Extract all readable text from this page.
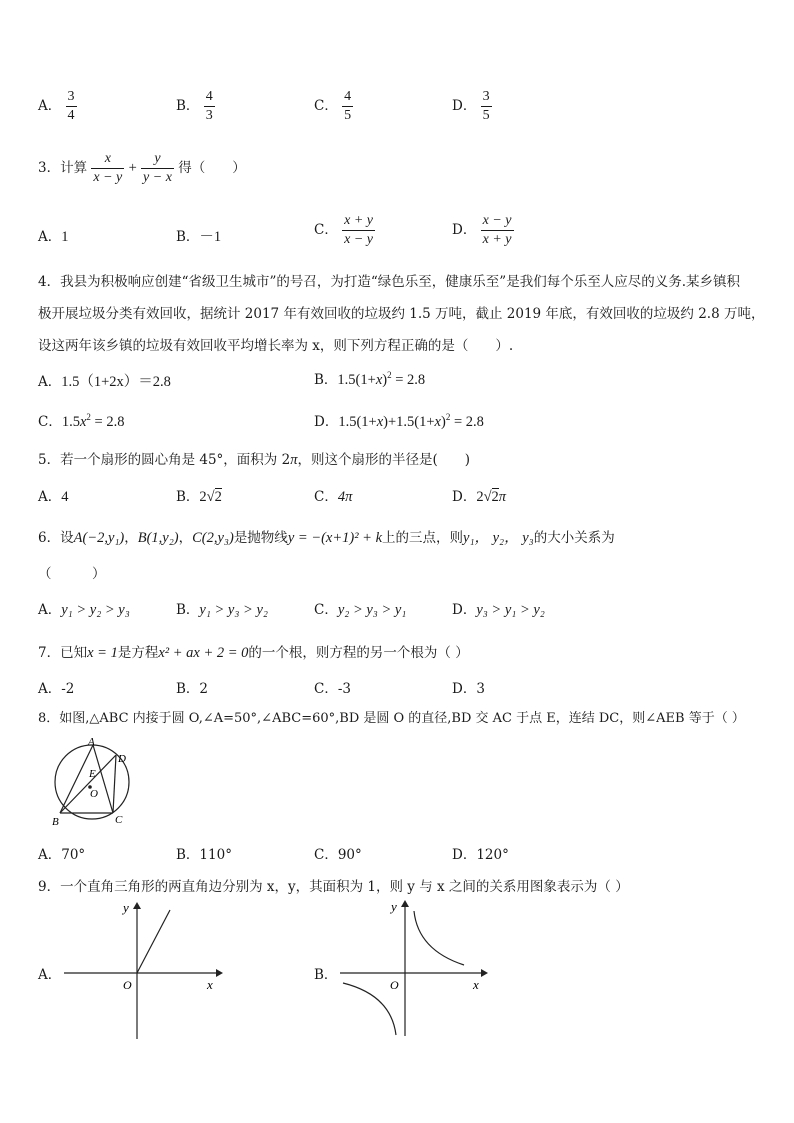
A． $\frac{3}{4}$	B． $\frac{4}{3}$	C． $\frac{4}{5}$	D． $\frac{3}{5}$
3．计算 $\frac{x}{x - y} + \frac{y}{y - x}$ 得（　　）
A．1	B．－1	C． $\frac{x + y}{x - y}$	D． $\frac{x - y}{x + y}$
4．我县为积极响应创建“省级卫生城市”的号召，为打造“绿色乐至，健康乐至”是我们每个乐至人应尽的义务.某乡镇积
极开展垃圾分类有效回收，据统计 2017 年有效回收的垃圾约 1.5 万吨，截止 2019 年底，有效回收的垃圾约 2.8 万吨，
设这两年该乡镇的垃圾有效回收平均增长率为 x，则下列方程正确的是（　　）.
A．1.5（1+2x）＝2.8	B．$1.5(1+x)^2 = 2.8$
C．$1.5x^2 = 2.8$	D．$1.5(1+x)+1.5(1+x)^2 = 2.8$
5．若一个扇形的圆心角是 45°，面积为 2π，则这个扇形的半径是(　　)
A．4	B．2√2	C．4π	D．2√2π
6．设A(−2,y₁)，B(1,y₂)，C(2,y₃)是抛物线y = −(x+1)² + k上的三点，则y₁， y₂， y₃的大小关系为
（　　　）
A．y₁ > y₂ > y₃	B．y₁ > y₃ > y₂	C．y₂ > y₃ > y₁	D．y₃ > y₁ > y₂
7．已知x = 1是方程x² + ax + 2 = 0的一个根，则方程的另一个根为（ ）
A．-2	B．2	C．-3	D．3
8．如图,△ABC 内接于圆 O,∠A=50°,∠ABC=60°,BD 是圆 O 的直径,BD 交 AC 于点 E，连结 DC，则∠AEB 等于（ ）
A
D
E
O
B	C
A．70°	B．110°	C．90°	D．120°
9．一个直角三角形的两直角边分别为 x，y，其面积为 1，则 y 与 x 之间的关系用图象表示为（ ）
A．
y
x
O
B．
y
x
O
